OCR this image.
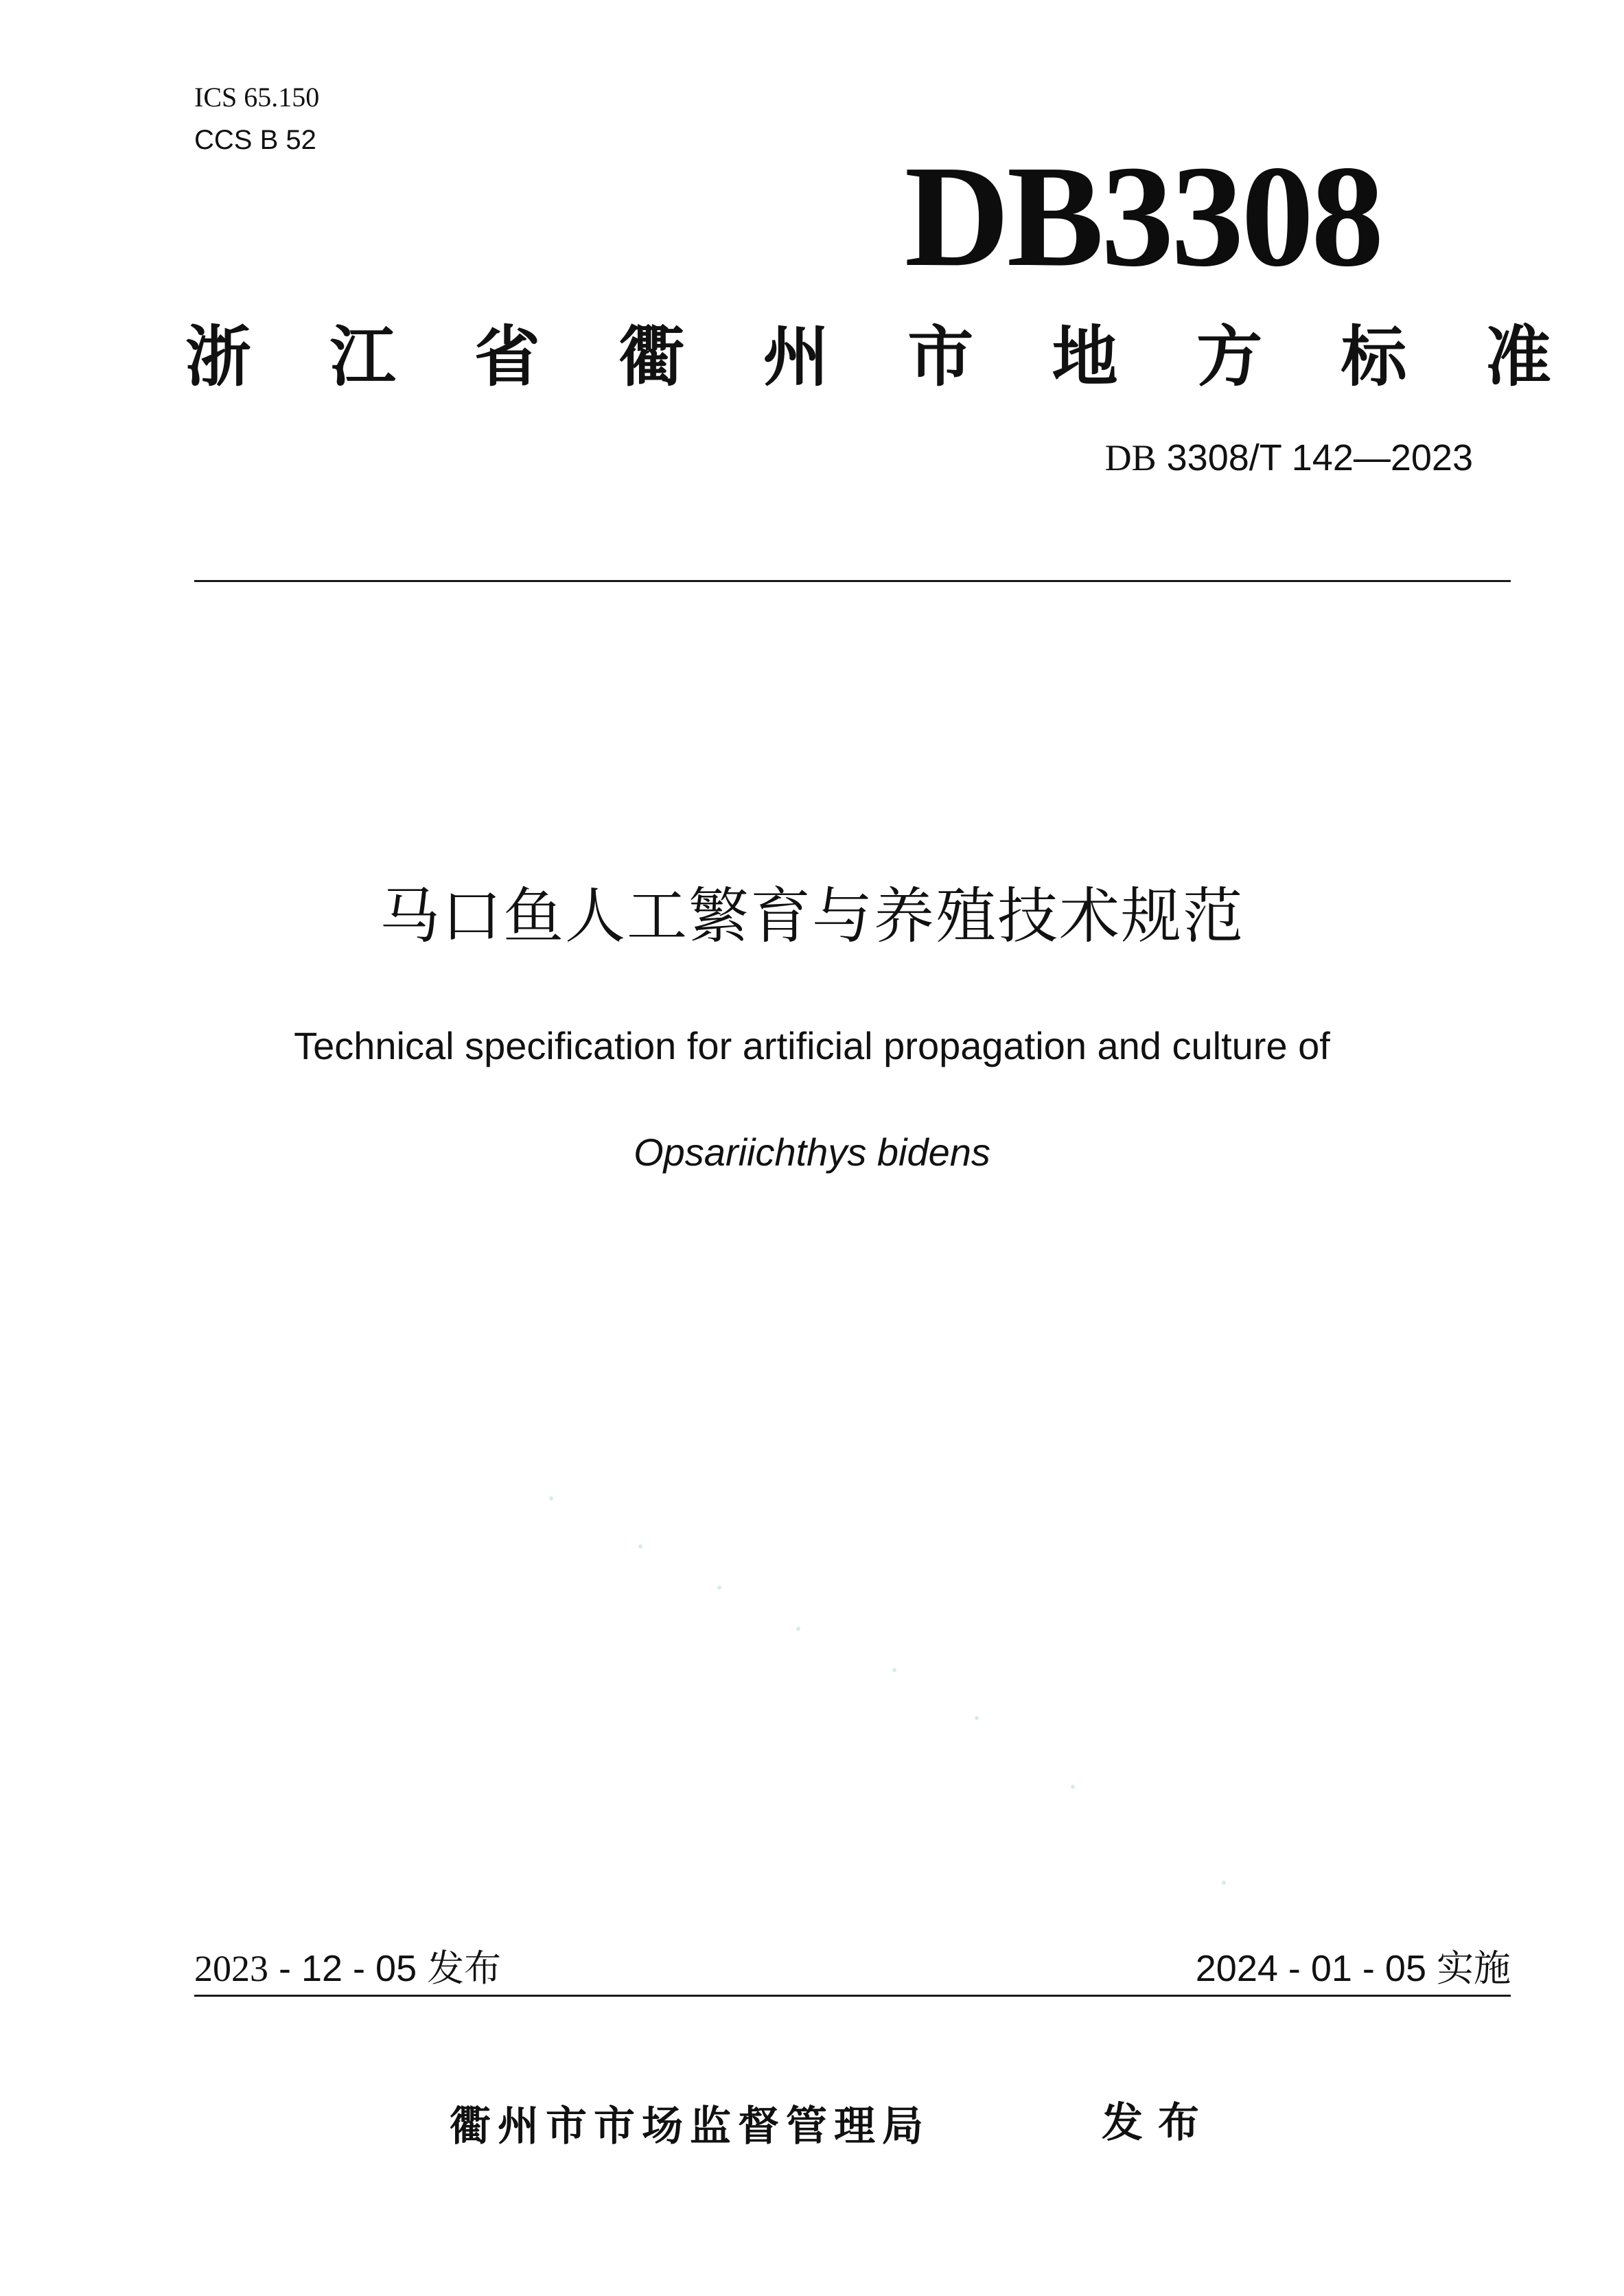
ICS 65.150
CCS B 52	DB3308
浙 江 省 衢 州 市 地 方 标 准
DB 3308/T 142—2023
马口鱼人工繁育与养殖技术规范
Technical specification for artificial propagation and culture of
Opsariichthys bidens
2023 - 12 - 05 发布	2024 - 01 - 05 实施
衢州市市场监督管理局	发布
